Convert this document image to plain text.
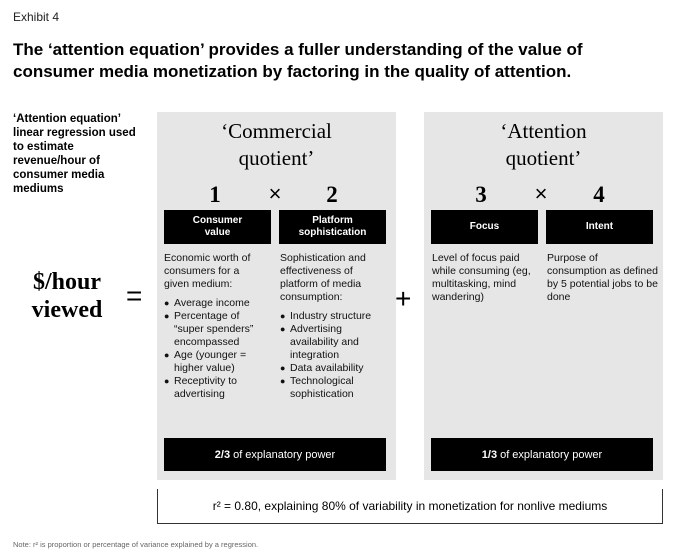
Exhibit 4
The ‘attention equation’ provides a fuller understanding of the value of consumer media monetization by factoring in the quality of attention.
‘Attention equation’ linear regression used to estimate revenue/hour of consumer media mediums
$/hour
viewed =
‘Commercial
quotient’
1	×	2
Consumer value
Platform sophistication
Economic worth of consumers for a given medium:
● Average income
● Percentage of “super spenders” encompassed
● Age (younger = higher value)
● Receptivity to advertising
Sophistication and effectiveness of platform of media consumption:
● Industry structure
● Advertising availability and integration
● Data availability
● Technological sophistication
2/3 of explanatory power
+
‘Attention
quotient’
3	×	4
Focus	Intent
Level of focus paid while consuming (eg, multitasking, mind wandering)
Purpose of consumption as defined by 5 potential jobs to be done
1/3 of explanatory power
r² = 0.80, explaining 80% of variability in monetization for nonlive mediums
Note: r² is proportion or percentage of variance explained by a regression.
